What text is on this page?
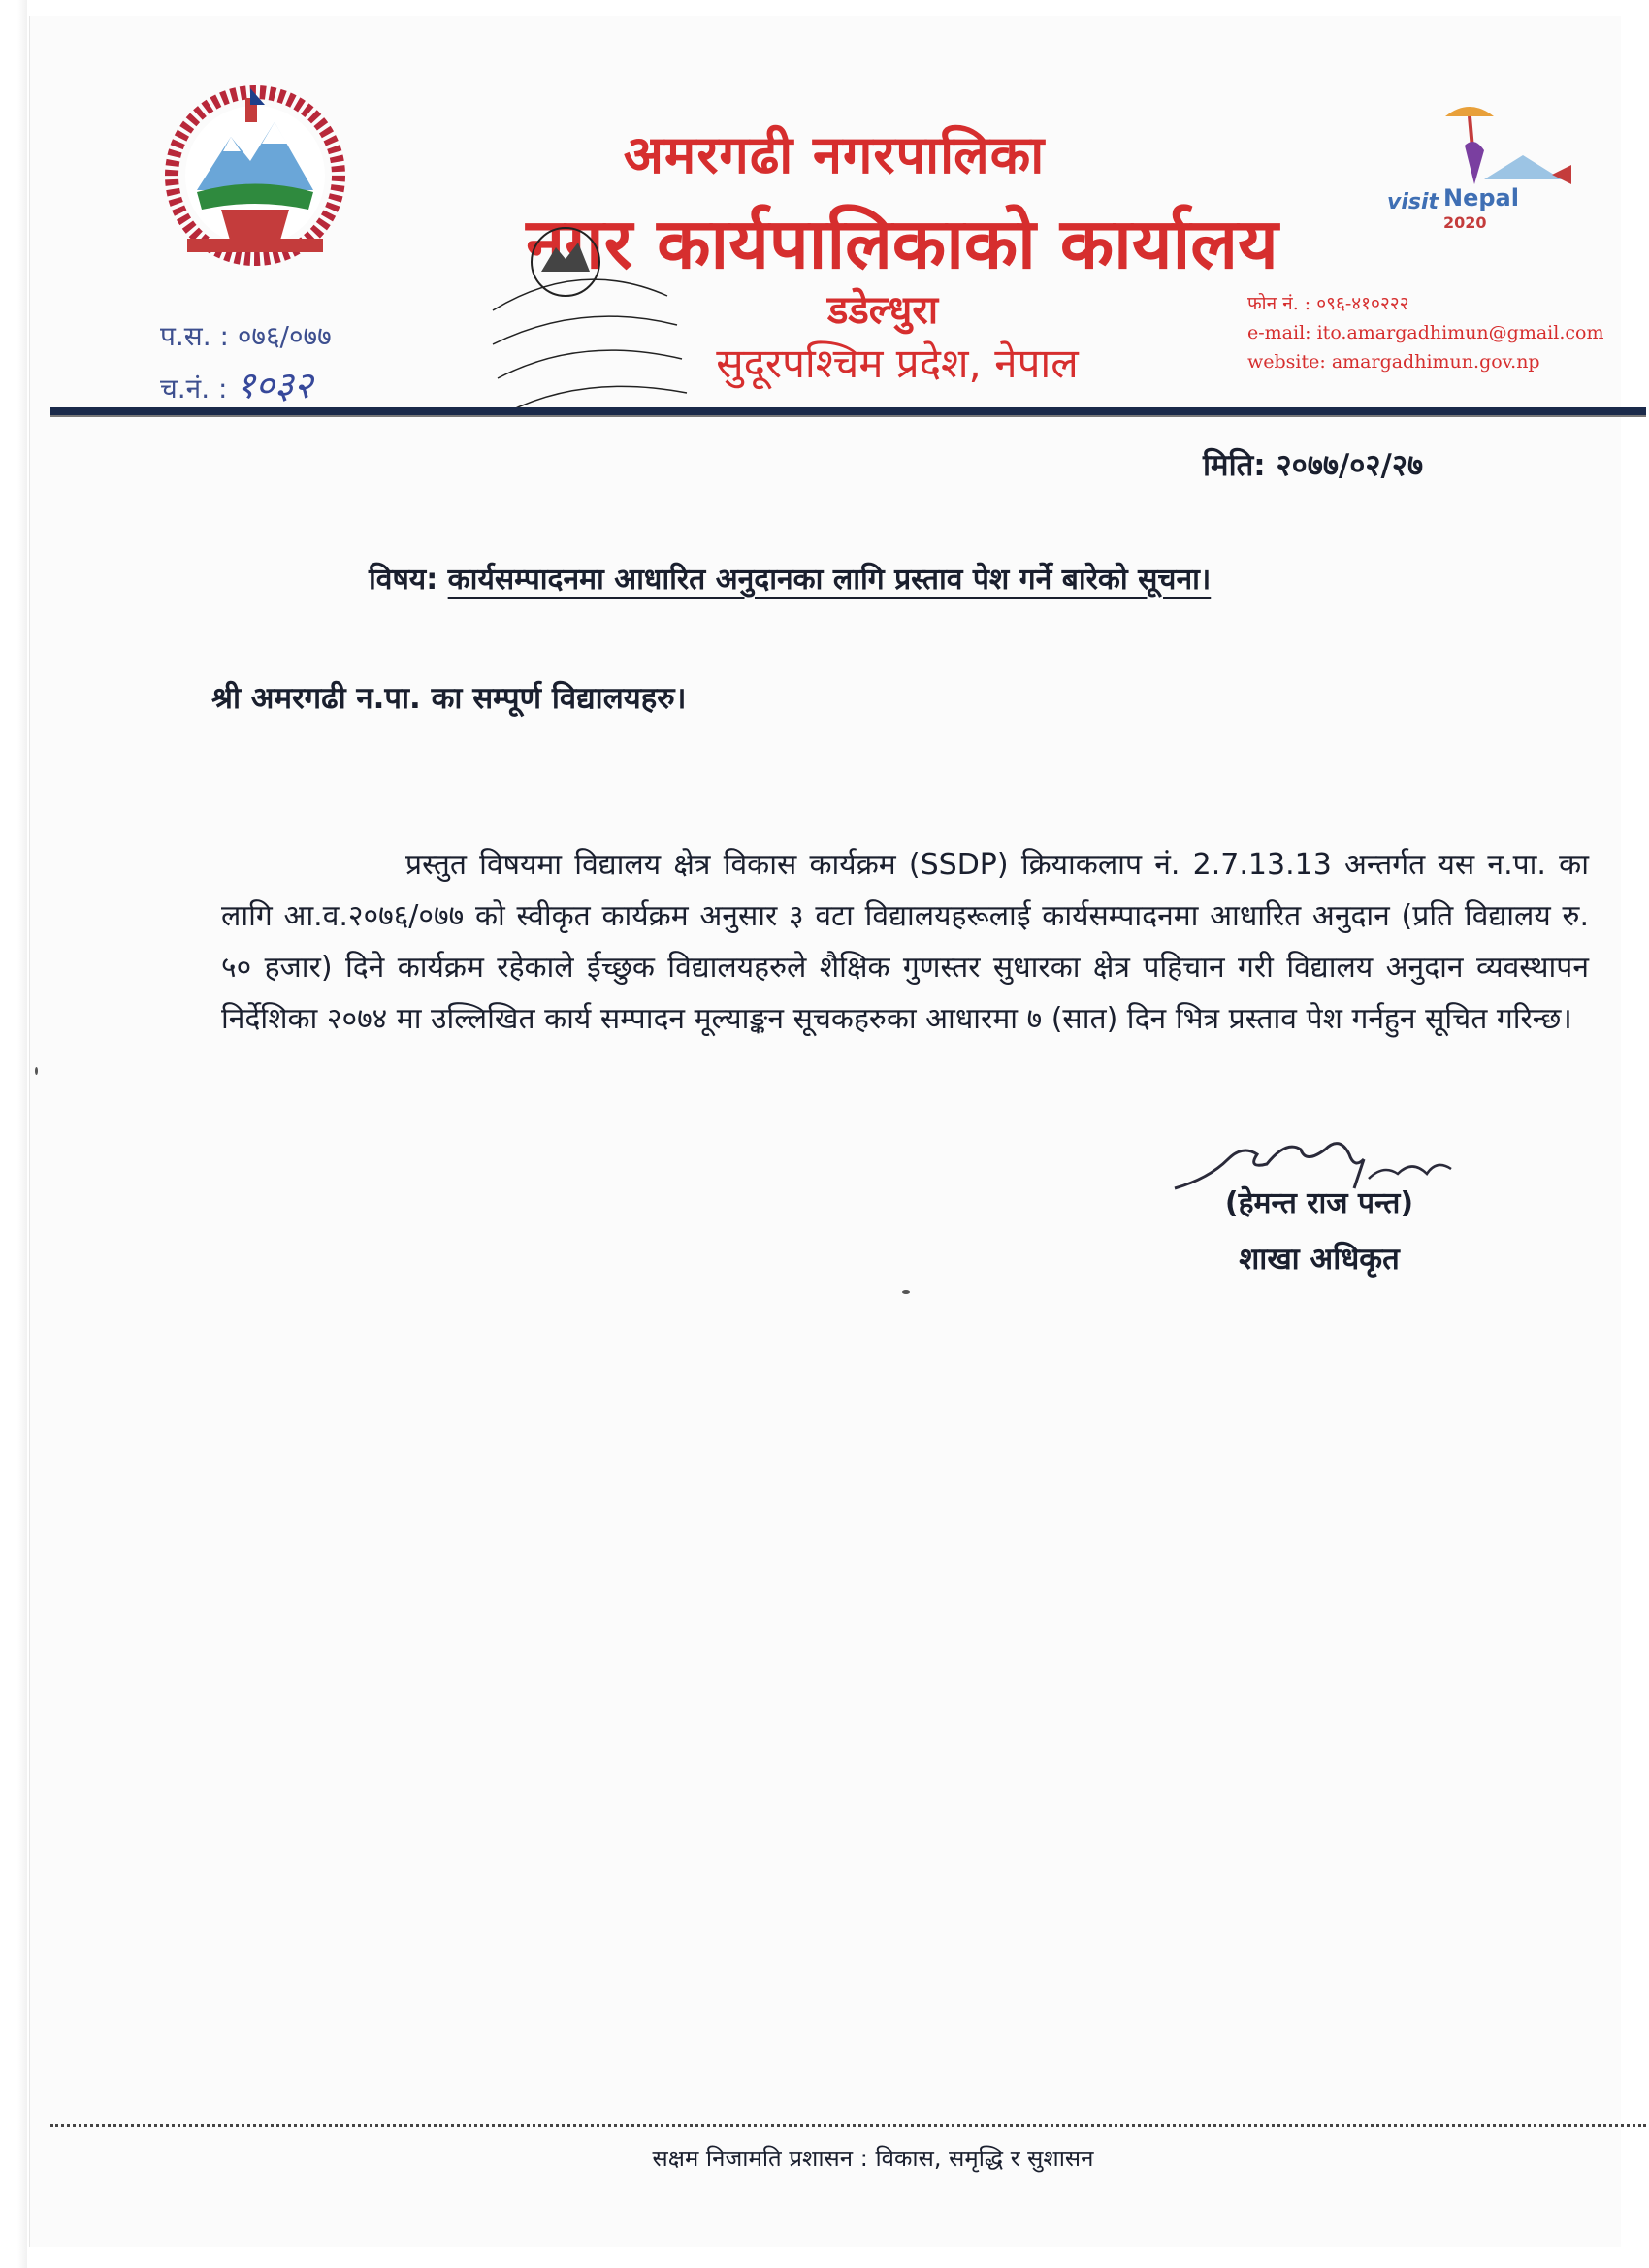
अमरगढी नगरपालिका
नगर कार्यपालिकाको कार्यालय
डडेल्धुरा
सुदूरपश्चिम प्रदेश, नेपाल
visit Nepal
2020
फोन नं. : ०९६-४१०२२२
e-mail: ito.amargadhimun@gmail.com
website: amargadhimun.gov.np
प.स. : ०७६/०७७
च.नं. : १०३२
मिति: २०७७/०२/२७
विषय: कार्यसम्पादनमा आधारित अनुदानका लागि प्रस्ताव पेश गर्ने बारेको सूचना।
श्री अमरगढी न.पा. का सम्पूर्ण विद्यालयहरु।
प्रस्तुत विषयमा विद्यालय क्षेत्र विकास कार्यक्रम (SSDP) क्रियाकलाप नं. 2.7.13.13 अन्तर्गत यस न.पा. का लागि आ.व.२०७६/०७७ को स्वीकृत कार्यक्रम अनुसार ३ वटा विद्यालयहरूलाई कार्यसम्पादनमा आधारित अनुदान (प्रति विद्यालय रु. ५० हजार) दिने कार्यक्रम रहेकाले ईच्छुक विद्यालयहरुले शैक्षिक गुणस्तर सुधारका क्षेत्र पहिचान गरी विद्यालय अनुदान व्यवस्थापन निर्देशिका २०७४ मा उल्लिखित कार्य सम्पादन मूल्याङ्कन सूचकहरुका आधारमा ७ (सात) दिन भित्र प्रस्ताव पेश गर्नहुन सूचित गरिन्छ।
(हेमन्त राज पन्त)
शाखा अधिकृत
सक्षम निजामति प्रशासन : विकास, समृद्धि र सुशासन
